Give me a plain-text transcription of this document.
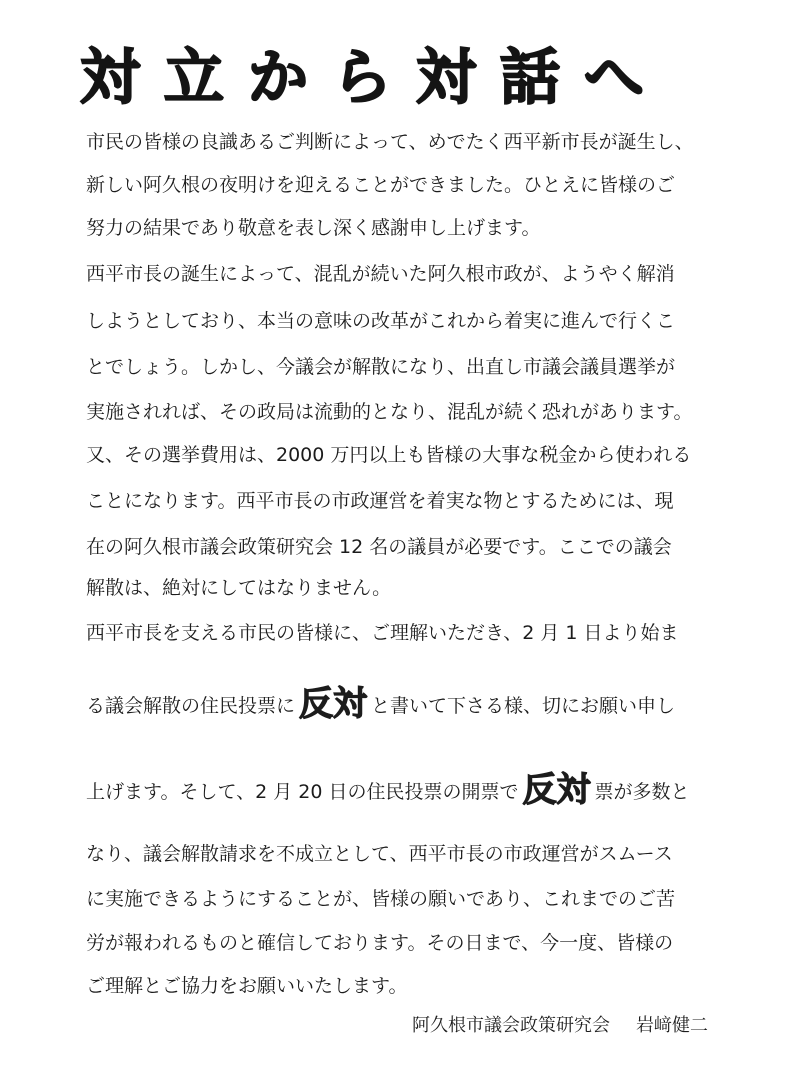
対立から対話へ

市民の皆様の良識あるご判断によって、めでたく西平新市長が誕生し、

新しい阿久根の夜明けを迎えることができました。ひとえに皆様のご

努力の結果であり敬意を表し深く感謝申し上げます。

西平市長の誕生によって、混乱が続いた阿久根市政が、ようやく解消

しようとしており、本当の意味の改革がこれから着実に進んで行くこ

とでしょう。しかし、今議会が解散になり、出直し市議会議員選挙が

実施されれば、その政局は流動的となり、混乱が続く恐れがあります。

又、その選挙費用は、2000 万円以上も皆様の大事な税金から使われる

ことになります。西平市長の市政運営を着実な物とするためには、現

在の阿久根市議会政策研究会 12 名の議員が必要です。ここでの議会

解散は、絶対にしてはなりません。

西平市長を支える市民の皆様に、ご理解いただき、2 月 1 日より始ま

る議会解散の住民投票に 反対 と書いて下さる様、切にお願い申し

上げます。そして、2 月 20 日の住民投票の開票で 反対 票が多数と

なり、議会解散請求を不成立として、西平市長の市政運営がスムース

に実施できるようにすることが、皆様の願いであり、これまでのご苦

労が報われるものと確信しております。その日まで、今一度、皆様の

ご理解とご協力をお願いいたします。

阿久根市議会政策研究会 岩﨑健二
